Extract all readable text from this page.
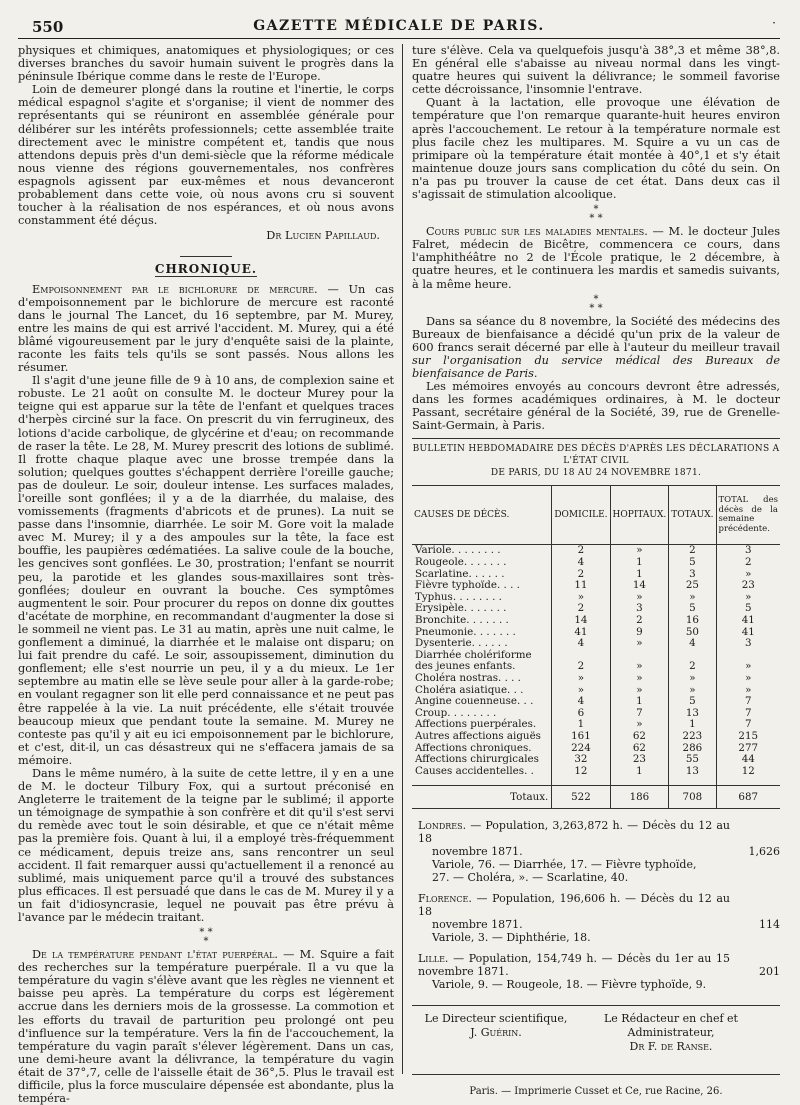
550	GAZETTE MÉDICALE DE PARIS.	·

physiques et chimiques, anatomiques et physiologiques; or ces diverses branches du savoir humain suivent le progrès dans la péninsule Ibérique comme dans le reste de l'Europe.

Loin de demeurer plongé dans la routine et l'inertie, le corps médical espagnol s'agite et s'organise; il vient de nommer des représentants qui se réuniront en assemblée générale pour délibérer sur les intérêts professionnels; cette assemblée traite directement avec le ministre compétent et, tandis que nous attendons depuis près d'un demi-siècle que la réforme médicale nous vienne des régions gouvernementales, nos confrères espagnols agissent par eux-mêmes et nous devanceront probablement dans cette voie, où nous avons cru si souvent toucher à la réalisation de nos espérances, et où nous avons constamment été déçus.

Dr Lucien Papillaud.
CHRONIQUE.

Empoisonnement par le bichlorure de mercure. — Un cas d'empoisonnement par le bichlorure de mercure est raconté dans le journal The Lancet, du 16 septembre, par M. Murey, entre les mains de qui est arrivé l'accident. M. Murey, qui a été blâmé vigoureusement par le jury d'enquête saisi de la plainte, raconte les faits tels qu'ils se sont passés. Nous allons les résumer.

Il s'agit d'une jeune fille de 9 à 10 ans, de complexion saine et robuste. Le 21 août on consulte M. le docteur Murey pour la teigne qui est apparue sur la tête de l'enfant et quelques traces d'herpès circiné sur la face. On prescrit du vin ferrugineux, des lotions d'acide carbolique, de glycérine et d'eau; on recommande de raser la tête. Le 28, M. Murey prescrit des lotions de sublimé. Il frotte chaque plaque avec une brosse trempée dans la solution; quelques gouttes s'échappent derrière l'oreille gauche; pas de douleur. Le soir, douleur intense. Les surfaces malades, l'oreille sont gonflées; il y a de la diarrhée, du malaise, des vomissements (fragments d'abricots et de prunes). La nuit se passe dans l'insomnie, diarrhée. Le soir M. Gore voit la malade avec M. Murey; il y a des ampoules sur la tête, la face est bouffie, les paupières œdématiées. La salive coule de la bouche, les gencives sont gonflées. Le 30, prostration; l'enfant se nourrit peu, la parotide et les glandes sous-maxillaires sont très-gonflées; douleur en ouvrant la bouche. Ces symptômes augmentent le soir. Pour procurer du repos on donne dix gouttes d'acétate de morphine, en recommandant d'augmenter la dose si le sommeil ne vient pas. Le 31 au matin, après une nuit calme, le gonflement a diminué, la diarrhée et le malaise ont disparu; on lui fait prendre du café. Le soir, assoupissement, diminution du gonflement; elle s'est nourrie un peu, il y a du mieux. Le 1er septembre au matin elle se lève seule pour aller à la garde-robe; en voulant regagner son lit elle perd connaissance et ne peut pas être rappelée à la vie. La nuit précédente, elle s'était trouvée beaucoup mieux que pendant toute la semaine. M. Murey ne conteste pas qu'il y ait eu ici empoisonnement par le bichlorure, et c'est, dit-il, un cas désastreux qui ne s'effacera jamais de sa mémoire.

Dans le même numéro, à la suite de cette lettre, il y en a une de M. le docteur Tilbury Fox, qui a surtout préconisé en Angleterre le traitement de la teigne par le sublimé; il apporte un témoignage de sympathie à son confrère et dit qu'il s'est servi du remède avec tout le soin désirable, et que ce n'était même pas la première fois. Quant à lui, il a employé très-fréquemment ce médicament, depuis treize ans, sans rencontrer un seul accident. Il fait remarquer aussi qu'actuellement il a renoncé au sublimé, mais uniquement parce qu'il a trouvé des substances plus efficaces. Il est persuadé que dans le cas de M. Murey il y a un fait d'idiosyncrasie, lequel ne pouvait pas être prévu à l'avance par le médecin traitant.

* *
*

De la température pendant l'état puerpéral. — M. Squire a fait des recherches sur la température puerpérale. Il a vu que la température du vagin s'élève avant que les règles ne viennent et baisse peu après. La température du corps est légèrement accrue dans les derniers mois de la grossesse. La commotion et les efforts du travail de parturition peu prolongé ont peu d'influence sur la température. Vers la fin de l'accouchement, la température du vagin paraît s'élever légèrement. Dans un cas, une demi-heure avant la délivrance, la température du vagin était de 37°,7, celle de l'aisselle était de 36°,5. Plus le travail est difficile, plus la force musculaire dépensée est abondante, plus la tempéra-

ture s'élève. Cela va quelquefois jusqu'à 38°,3 et même 38°,8. En général elle s'abaisse au niveau normal dans les vingt-quatre heures qui suivent la délivrance; le sommeil favorise cette décroissance, l'insomnie l'entrave.

Quant à la lactation, elle provoque une élévation de température que l'on remarque quarante-huit heures environ après l'accouchement. Le retour à la température normale est plus facile chez les multipares. M. Squire a vu un cas de primipare où la température était montée à 40°,1 et s'y était maintenue douze jours sans complication du côté du sein. On n'a pas pu trouver la cause de cet état. Dans deux cas il s'agissait de stimulation alcoolique.

*
* *

Cours public sur les maladies mentales. — M. le docteur Jules Falret, médecin de Bicêtre, commencera ce cours, dans l'amphithéâtre no 2 de l'École pratique, le 2 décembre, à quatre heures, et le continuera les mardis et samedis suivants, à la même heure.

*
* *

Dans sa séance du 8 novembre, la Société des médecins des Bureaux de bienfaisance a décidé qu'un prix de la valeur de 600 francs serait décerné par elle à l'auteur du meilleur travail sur l'organisation du service médical des Bureaux de bienfaisance de Paris.

Les mémoires envoyés au concours devront être adressés, dans les formes académiques ordinaires, à M. le docteur Passant, secrétaire général de la Société, 39, rue de Grenelle-Saint-Germain, à Paris.

BULLETIN HEBDOMADAIRE DES DÉCÈS D'APRÈS LES DÉCLARATIONS A L'ÉTAT CIVIL
DE PARIS, DU 18 AU 24 NOVEMBRE 1871.
CAUSES DE DÉCÈS.	DOMICILE.	HOPITAUX.	TOTAUX.	TOTAL des décès de la semaine précédente.
Variole. . . . . . . .	2	»	2	3
Rougeole. . . . . . .	4	1	5	2
Scarlatine. . . . . .	2	1	3	»
Fièvre typhoïde. . . .	11	14	25	23
Typhus. . . . . . . .	»	»	»	»
Erysipèle. . . . . . .	2	3	5	5
Bronchite. . . . . . .	14	2	16	41
Pneumonie. . . . . . .	41	9	50	41
Dysenterie. . . . . .	4	»	4	3
Diarrhée cholériforme				
des jeunes enfants.	2	»	2	»
Choléra nostras. . . .	»	»	»	»
Choléra asiatique. . .	»	»	»	»
Angine couenneuse. . .	4	1	5	7
Croup. . . . . . . .	6	7	13	7
Affections puerpérales.	1	»	1	7
Autres affections aiguës	161	62	223	215
Affections chroniques.	224	62	286	277
Affections chirurgicales	32	23	55	44
Causes accidentelles. .	12	1	13	12

Totaux.	522	186	708	687
Londres. — Population, 3,263,872 h. — Décès du 12 au 18
novembre 1871.	1,626

Variole, 76. — Diarrhée, 17. — Fièvre typhoïde,
27. — Choléra, ». — Scarlatine, 40.
Florence. — Population, 196,606 h. — Décès du 12 au 18
novembre 1871.	114

Variole, 3. — Diphthérie, 18.
Lille. — Population, 154,749 h. — Décès du 1er au 15 novembre 1871.	201

Variole, 9. — Rougeole, 18. — Fièvre typhoïde, 9.
Le Directeur scientifique,
J. Guérin.
Le Rédacteur en chef et Administrateur,
Dr F. de Ranse.
Paris. — Imprimerie Cusset et Ce, rue Racine, 26.
